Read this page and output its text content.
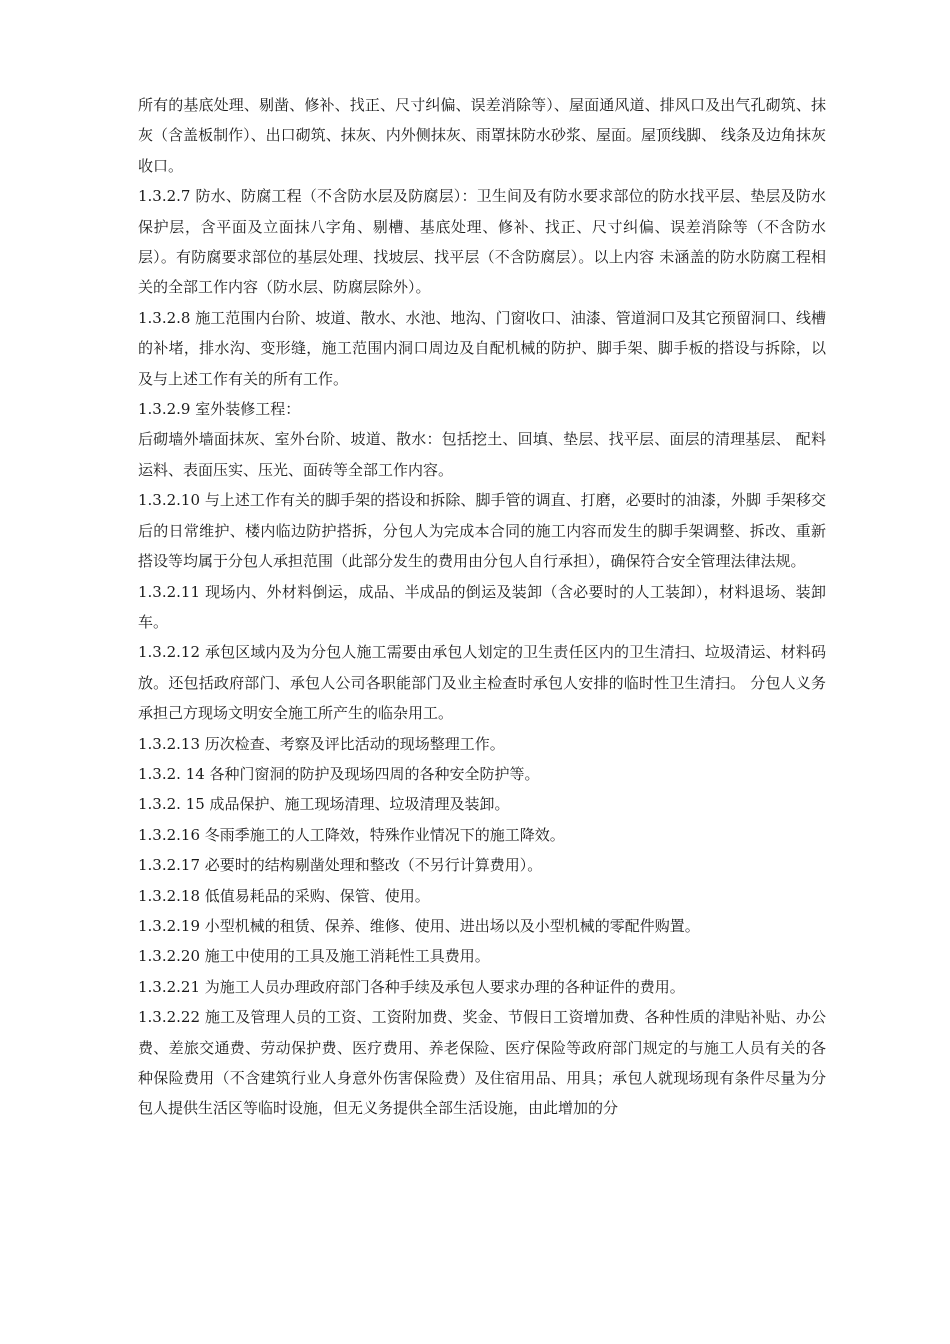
所有的基底处理、剔凿、修补、找正、尺寸纠偏、误差消除等）、屋面通风道、排风口及出气孔砌筑、抹灰（含盖板制作）、出口砌筑、抹灰、内外侧抹灰、雨罩抹防水砂浆、屋面。屋顶线脚、 线条及边角抹灰收口。

1.3.2.7 防水、防腐工程（不含防水层及防腐层）：卫生间及有防水要求部位的防水找平层、垫层及防水保护层，含平面及立面抹八字角、剔槽、基底处理、修补、找正、尺寸纠偏、误差消除等（不含防水层）。有防腐要求部位的基层处理、找坡层、找平层（不含防腐层）。以上内容 未涵盖的防水防腐工程相关的全部工作内容（防水层、防腐层除外）。

1.3.2.8 施工范围内台阶、坡道、散水、水池、地沟、门窗收口、油漆、管道洞口及其它预留洞口、线槽的补堵，排水沟、变形缝，施工范围内洞口周边及自配机械的防护、脚手架、脚手板的搭设与拆除，以及与上述工作有关的所有工作。

1.3.2.9 室外装修工程：

后砌墙外墙面抹灰、室外台阶、坡道、散水：包括挖土、回填、垫层、找平层、面层的清理基层、 配料运料、表面压实、压光、面砖等全部工作内容。

1.3.2.10 与上述工作有关的脚手架的搭设和拆除、脚手管的调直、打磨，必要时的油漆，外脚 手架移交后的日常维护、楼内临边防护搭拆，分包人为完成本合同的施工内容而发生的脚手架调整、拆改、重新搭设等均属于分包人承担范围（此部分发生的费用由分包人自行承担），确保符合安全管理法律法规。

1.3.2.11 现场内、外材料倒运，成品、半成品的倒运及装卸（含必要时的人工装卸），材料退场、装卸车。

1.3.2.12 承包区域内及为分包人施工需要由承包人划定的卫生责任区内的卫生清扫、垃圾清运、材料码放。还包括政府部门、承包人公司各职能部门及业主检查时承包人安排的临时性卫生清扫。 分包人义务承担己方现场文明安全施工所产生的临杂用工。

1.3.2.13 历次检查、考察及评比活动的现场整理工作。

1.3.2. 14 各种门窗洞的防护及现场四周的各种安全防护等。

1.3.2. 15 成品保护、施工现场清理、垃圾清理及装卸。

1.3.2.16 冬雨季施工的人工降效，特殊作业情况下的施工降效。

1.3.2.17 必要时的结构剔凿处理和整改（不另行计算费用）。

1.3.2.18 低值易耗品的采购、保管、使用。

1.3.2.19 小型机械的租赁、保养、维修、使用、进出场以及小型机械的零配件购置。

1.3.2.20 施工中使用的工具及施工消耗性工具费用。

1.3.2.21 为施工人员办理政府部门各种手续及承包人要求办理的各种证件的费用。

1.3.2.22 施工及管理人员的工资、工资附加费、奖金、节假日工资增加费、各种性质的津贴补贴、办公费、差旅交通费、劳动保护费、医疗费用、养老保险、医疗保险等政府部门规定的与施工人员有关的各种保险费用（不含建筑行业人身意外伤害保险费）及住宿用品、用具；承包人就现场现有条件尽量为分包人提供生活区等临时设施，但无义务提供全部生活设施，由此增加的分
